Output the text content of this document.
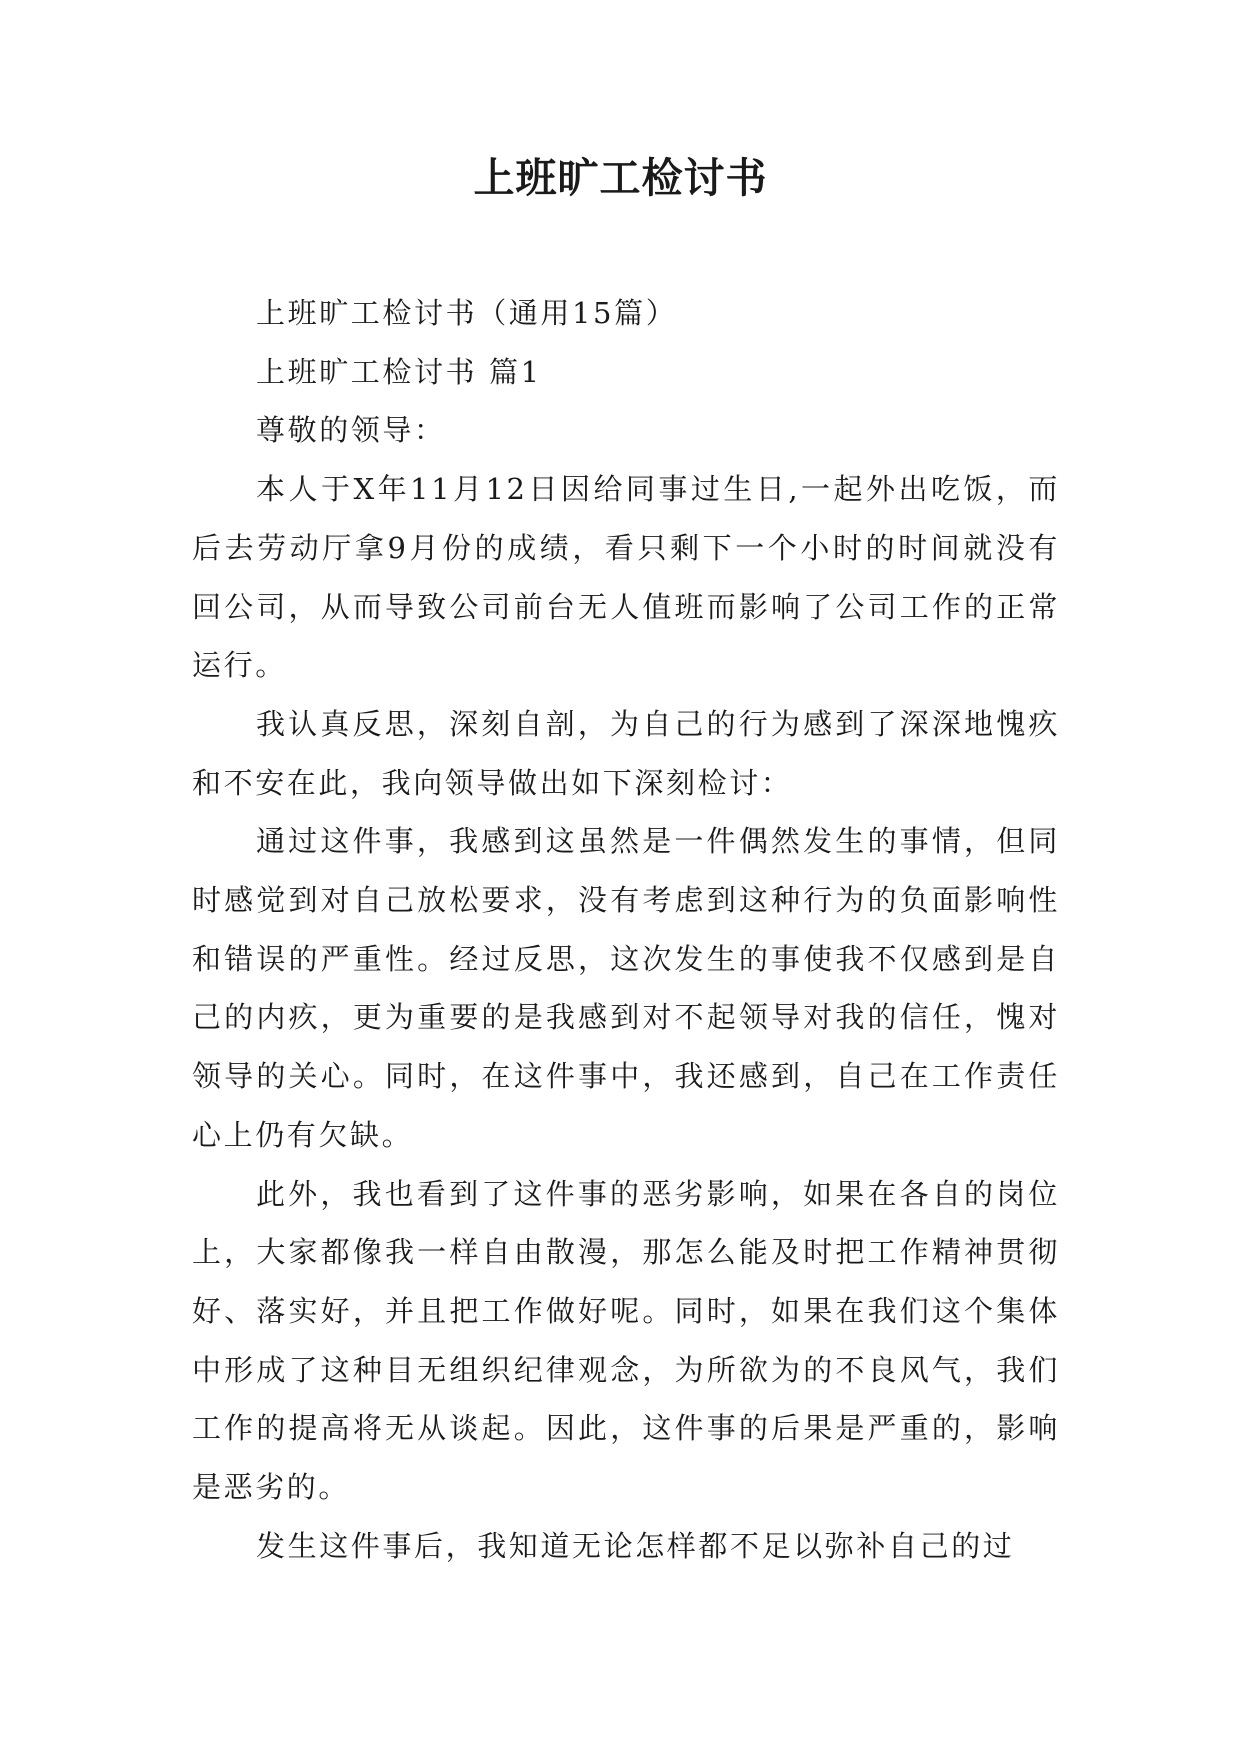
上班旷工检讨书

上班旷工检讨书（通用15篇）

上班旷工检讨书 篇1

尊敬的领导：

本人于X年11月12日因给同事过生日,一起外出吃饭，而后去劳动厅拿9月份的成绩，看只剩下一个小时的时间就没有回公司，从而导致公司前台无人值班而影响了公司工作的正常运行。

我认真反思，深刻自剖，为自己的行为感到了深深地愧疚和不安在此，我向领导做出如下深刻检讨：

通过这件事，我感到这虽然是一件偶然发生的事情，但同时感觉到对自己放松要求，没有考虑到这种行为的负面影响性和错误的严重性。经过反思，这次发生的事使我不仅感到是自己的内疚，更为重要的是我感到对不起领导对我的信任，愧对领导的关心。同时，在这件事中，我还感到，自己在工作责任心上仍有欠缺。

此外，我也看到了这件事的恶劣影响，如果在各自的岗位上，大家都像我一样自由散漫，那怎么能及时把工作精神贯彻好、落实好，并且把工作做好呢。同时，如果在我们这个集体中形成了这种目无组织纪律观念，为所欲为的不良风气，我们工作的提高将无从谈起。因此，这件事的后果是严重的，影响是恶劣的。

发生这件事后，我知道无论怎样都不足以弥补自己的过
